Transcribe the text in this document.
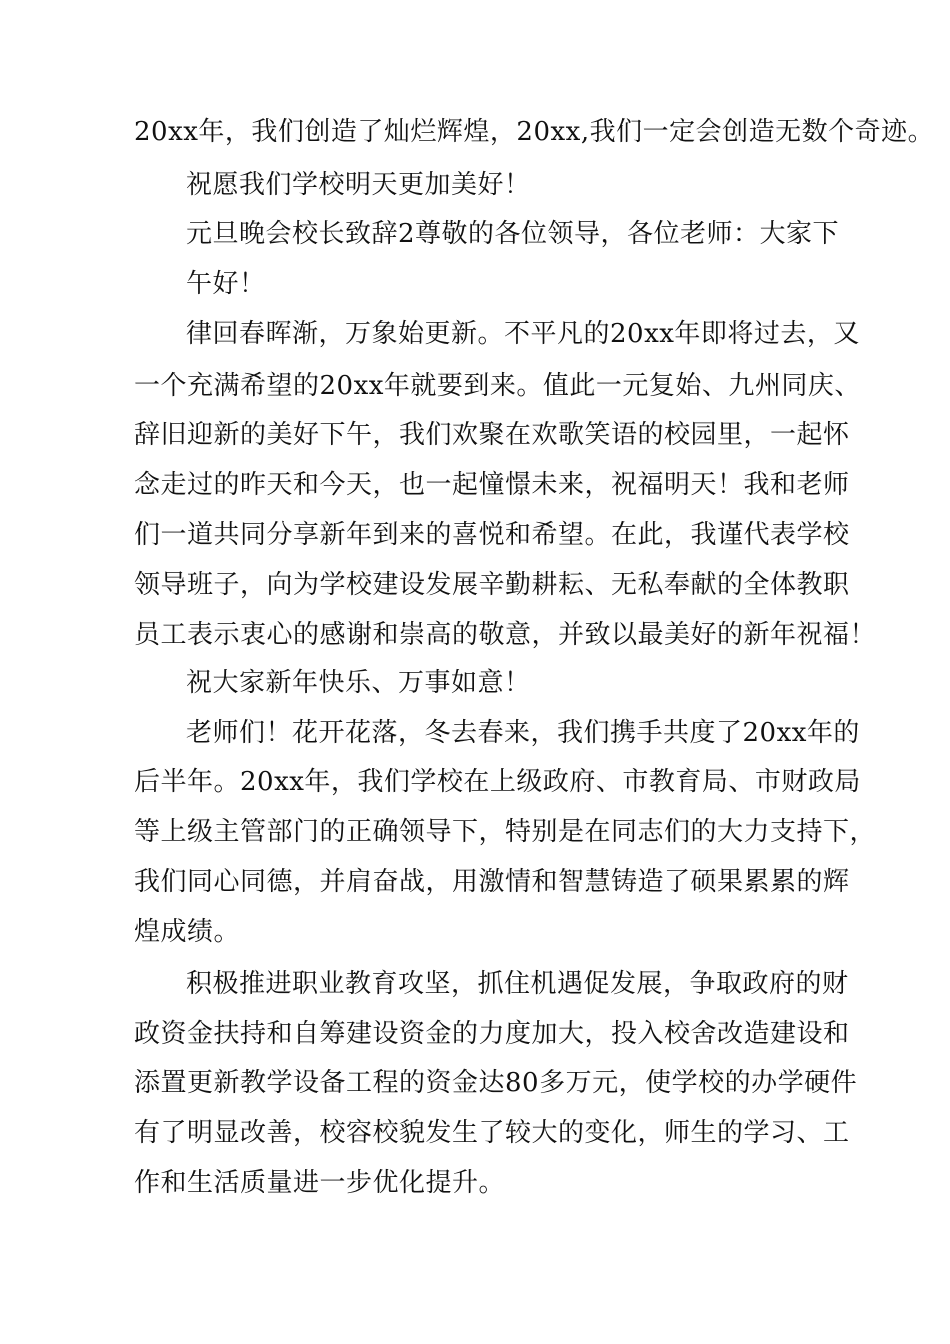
20xx年，我们创造了灿烂辉煌，20xx,我们一定会创造无数个奇迹。
祝愿我们学校明天更加美好！
元旦晚会校长致辞2尊敬的各位领导，各位老师：大家下
午好！
律回春晖渐，万象始更新。不平凡的20xx年即将过去，又
一个充满希望的20xx年就要到来。值此一元复始、九州同庆、
辞旧迎新的美好下午，我们欢聚在欢歌笑语的校园里，一起怀
念走过的昨天和今天，也一起憧憬未来，祝福明天！我和老师
们一道共同分享新年到来的喜悦和希望。在此，我谨代表学校
领导班子，向为学校建设发展辛勤耕耘、无私奉献的全体教职
员工表示衷心的感谢和崇高的敬意，并致以最美好的新年祝福！
祝大家新年快乐、万事如意！
老师们！花开花落，冬去春来，我们携手共度了20xx年的
后半年。20xx年，我们学校在上级政府、市教育局、市财政局
等上级主管部门的正确领导下，特别是在同志们的大力支持下，
我们同心同德，并肩奋战，用激情和智慧铸造了硕果累累的辉
煌成绩。
积极推进职业教育攻坚，抓住机遇促发展，争取政府的财
政资金扶持和自筹建设资金的力度加大，投入校舍改造建设和
添置更新教学设备工程的资金达80多万元，使学校的办学硬件
有了明显改善，校容校貌发生了较大的变化，师生的学习、工
作和生活质量进一步优化提升。
